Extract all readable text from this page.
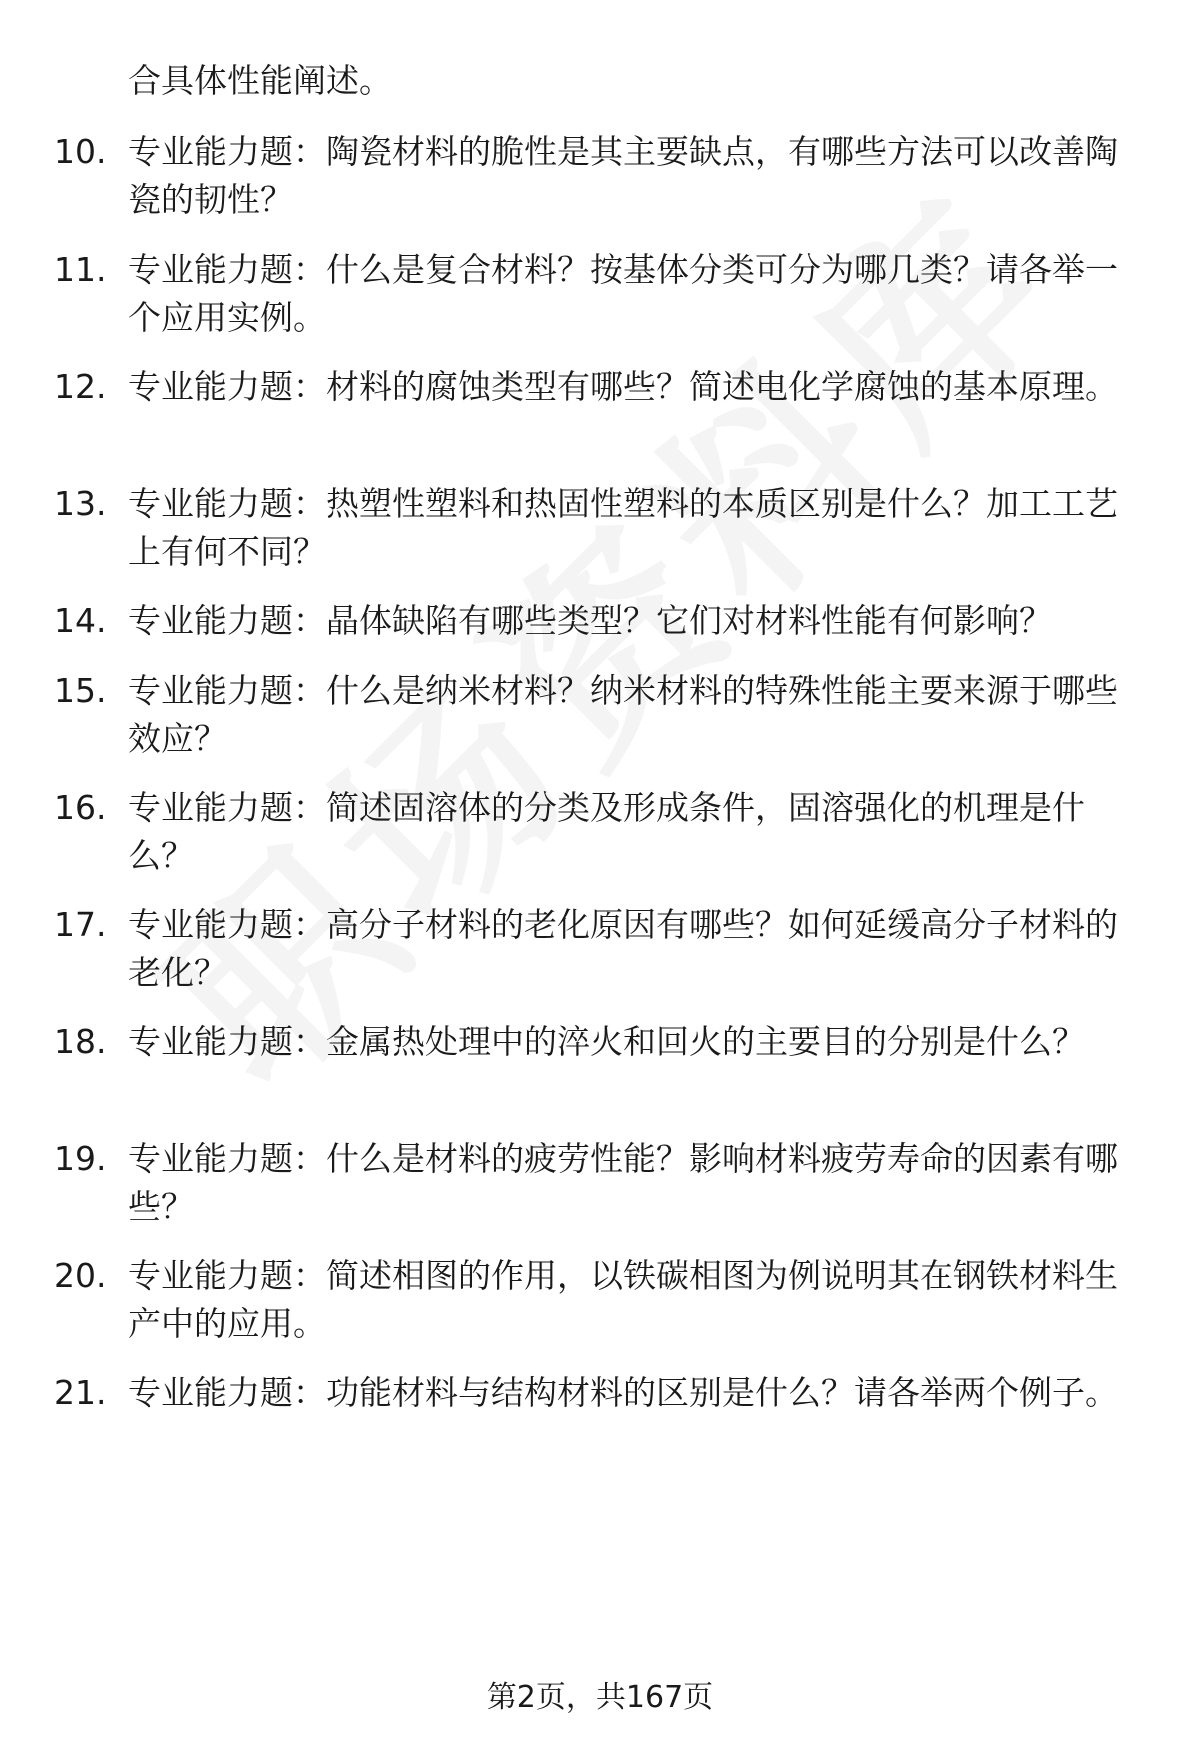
合具体性能阐述。
10. 专业能力题：陶瓷材料的脆性是其主要缺点，有哪些方法可以改善陶瓷的韧性？
11. 专业能力题：什么是复合材料？按基体分类可分为哪几类？请各举一个应用实例。
12. 专业能力题：材料的腐蚀类型有哪些？简述电化学腐蚀的基本原理。
13. 专业能力题：热塑性塑料和热固性塑料的本质区别是什么？加工工艺上有何不同？
14. 专业能力题：晶体缺陷有哪些类型？它们对材料性能有何影响？
15. 专业能力题：什么是纳米材料？纳米材料的特殊性能主要来源于哪些效应？
16. 专业能力题：简述固溶体的分类及形成条件，固溶强化的机理是什么？
17. 专业能力题：高分子材料的老化原因有哪些？如何延缓高分子材料的老化？
18. 专业能力题：金属热处理中的淬火和回火的主要目的分别是什么？
19. 专业能力题：什么是材料的疲劳性能？影响材料疲劳寿命的因素有哪些？
20. 专业能力题：简述相图的作用，以铁碳相图为例说明其在钢铁材料生产中的应用。
21. 专业能力题：功能材料与结构材料的区别是什么？请各举两个例子。
第2页，共167页
